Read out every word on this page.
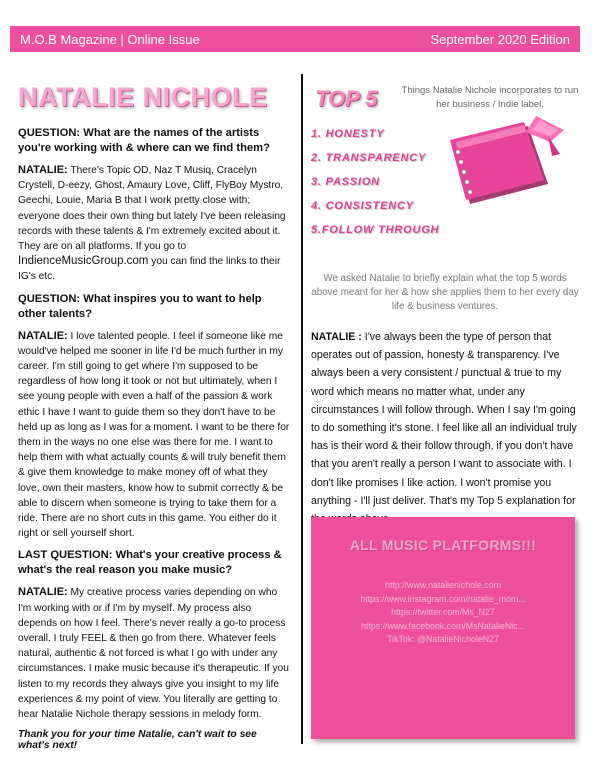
M.O.B Magazine | Online Issue	September 2020 Edition
NATALIE NICHOLE
QUESTION: What are the names of the artists you're working with & where can we find them?
NATALIE: There's Topic OD, Naz T Musiq, Cracelyn Crystell, D-eezy, Ghost, Amaury Love, Cliff, FlyBoy Mystro, Geechi, Louie, Maria B that I work pretty close with; everyone does their own thing but lately I've been releasing records with these talents & I'm extremely excited about it. They are on all platforms. If you go to IndienceMusicGroup.com you can find the links to their IG's etc.
QUESTION: What inspires you to want to help other talents?
NATALIE: I love talented people. I feel if someone like me would've helped me sooner in life I'd be much further in my career. I'm still going to get where I'm supposed to be regardless of how long it took or not but ultimately, when I see young people with even a half of the passion & work ethic I have I want to guide them so they don't have to be held up as long as I was for a moment. I want to be there for them in the ways no one else was there for me. I want to help them with what actually counts & will truly benefit them & give them knowledge to make money off of what they love, own their masters, know how to submit correctly & be able to discern when someone is trying to take them for a ride. There are no short cuts in this game. You either do it right or sell yourself short.
LAST QUESTION: What's your creative process & what's the real reason you make music?
NATALIE: My creative process varies depending on who I'm working with or if I'm by myself. My process also depends on how I feel. There's never really a go-to process overall. I truly FEEL & then go from there. Whatever feels natural, authentic & not forced is what I go with under any circumstances. I make music because it's therapeutic. If you listen to my records they always give you insight to my life experiences & my point of view. You literally are getting to hear Natalie Nichole therapy sessions in melody form.
Thank you for your time Natalie, can't wait to see what's next!
TOP 5	Things Natalie Nichole incorporates to run her business / Indie label.
1. HONESTY
2. TRANSPARENCY
3. PASSION
4. CONSISTENCY
5.FOLLOW THROUGH
We asked Natalie to briefly explain what the top 5 words above meant for her & how she applies them to her every day life & business ventures.
NATALIE : I've always been the type of person that operates out of passion, honesty & transparency. I've always been a very consistent / punctual & true to my word which means no matter what, under any circumstances I will follow through. When I say I'm going to do something it's stone. I feel like all an individual truly has is their word & their follow through, if you don't have that you aren't really a person I want to associate with. I don't like promises I like action. I won't promise you anything - I'll just deliver. That's my Top 5 explanation for
ALL MUSIC PLATFORMS!!!
http://www.natalienichole.com
https://www.instagram.com/natalie_mom...
https://twitter.com/Ms_N27
https://www.facebook.com/MsNatalieNic...
TikTok: @NatalieNicholeN27
